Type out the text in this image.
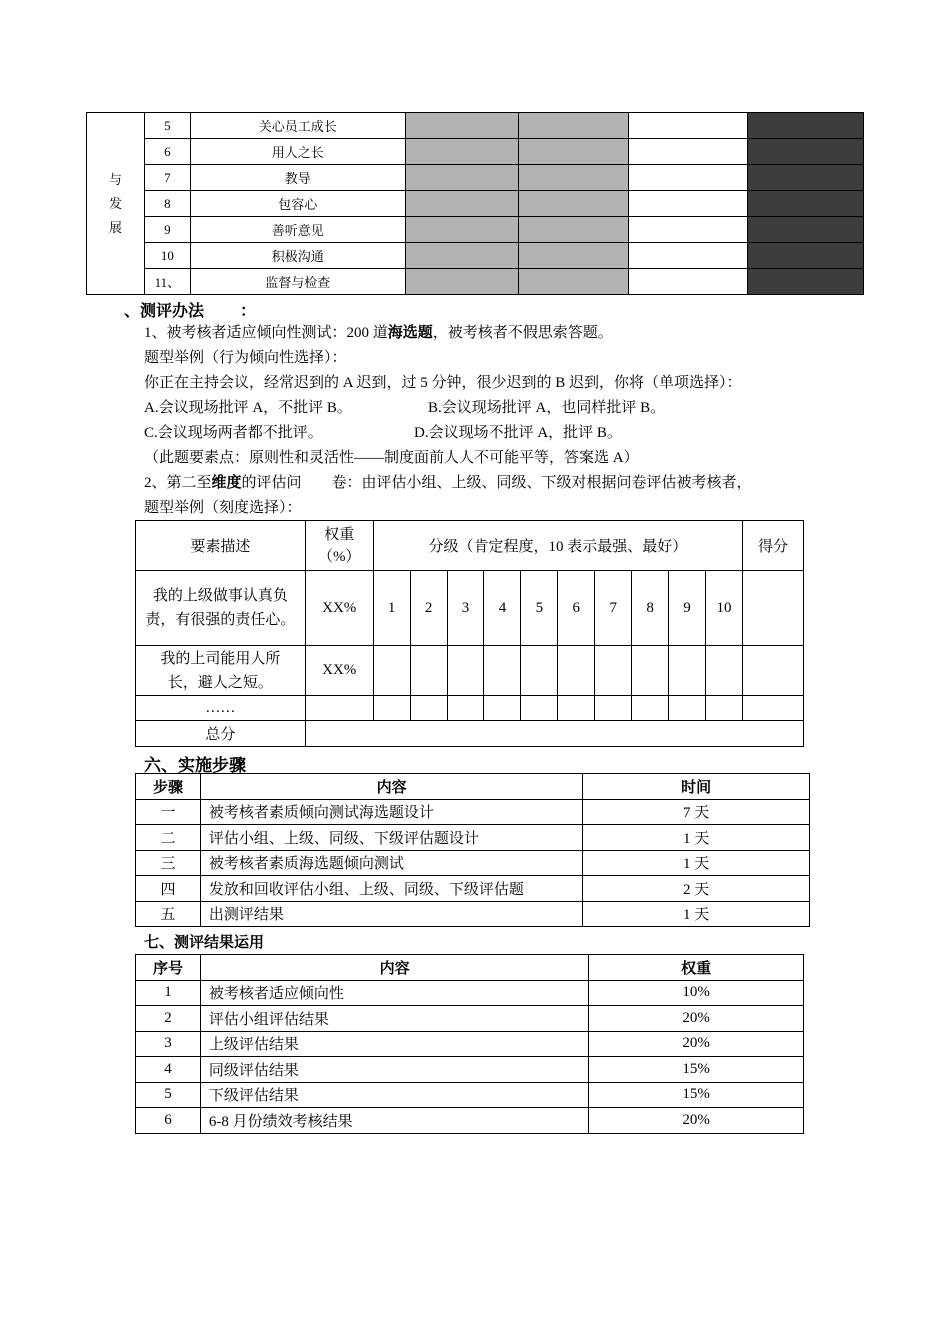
与
发
展	5	关心员工成长				
	6	用人之长				
	7	教导				
	8	包容心				
	9	善听意见				
	10	积极沟通				
	11、	监督与检查				
、测评办法 ：
1、被考核者适应倾向性测试：200 道海选题，被考核者不假思索答题。
题型举例（行为倾向性选择）：
你正在主持会议，经常迟到的 A 迟到，过 5 分钟，很少迟到的 B 迟到，你将（单项选择）：
A.会议现场批评 A，不批评 B。	B.会议现场批评 A，也同样批评 B。
C.会议现场两者都不批评。	D.会议现场不批评 A，批评 B。
（此题要素点：原则性和灵活性——制度面前人人不可能平等，答案选 A）
2、第二至维度的评估问 卷：由评估小组、上级、同级、下级对根据问卷评估被考核者，
题型举例（刻度选择）：
要素描述	权重（%）	分级（肯定程度，10 表示最强、最好）										得分
我的上级做事认真负责，有很强的责任心。	XX%	1	2	3	4	5	6	7	8	9	10	
我的上司能用人所长，避人之短。	XX%											
……												
总分												
六、实施步骤
步骤	内容	时间
一	被考核者素质倾向测试海选题设计	7 天
二	评估小组、上级、同级、下级评估题设计	1 天
三	被考核者素质海选题倾向测试	1 天
四	发放和回收评估小组、上级、同级、下级评估题	2 天
五	出测评结果	1 天
七、测评结果运用
序号	内容	权重
1	被考核者适应倾向性	10%
2	评估小组评估结果	20%
3	上级评估结果	20%
4	同级评估结果	15%
5	下级评估结果	15%
6	6-8 月份绩效考核结果	20%
